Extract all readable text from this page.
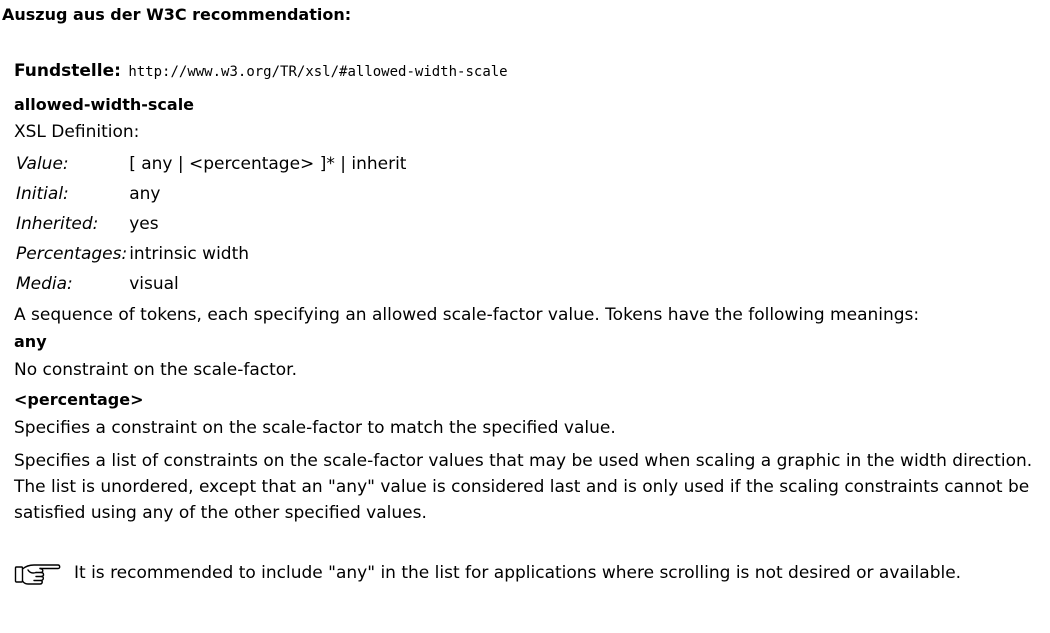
Auszug aus der W3C recommendation:
Fundstelle: http://www.w3.org/TR/xsl/#allowed-width-scale
allowed-width-scale
XSL Definition:
Value:	[ any | <percentage> ]* | inherit
Initial:	any
Inherited:	yes
Percentages:	intrinsic width
Media:	visual
A sequence of tokens, each specifying an allowed scale-factor value. Tokens have the following meanings:
any
No constraint on the scale-factor.
<percentage>
Specifies a constraint on the scale-factor to match the specified value.
Specifies a list of constraints on the scale-factor values that may be used when scaling a graphic in the width direction. The list is unordered, except that an "any" value is considered last and is only used if the scaling constraints cannot be satisfied using any of the other specified values.
It is recommended to include "any" in the list for applications where scrolling is not desired or available.
